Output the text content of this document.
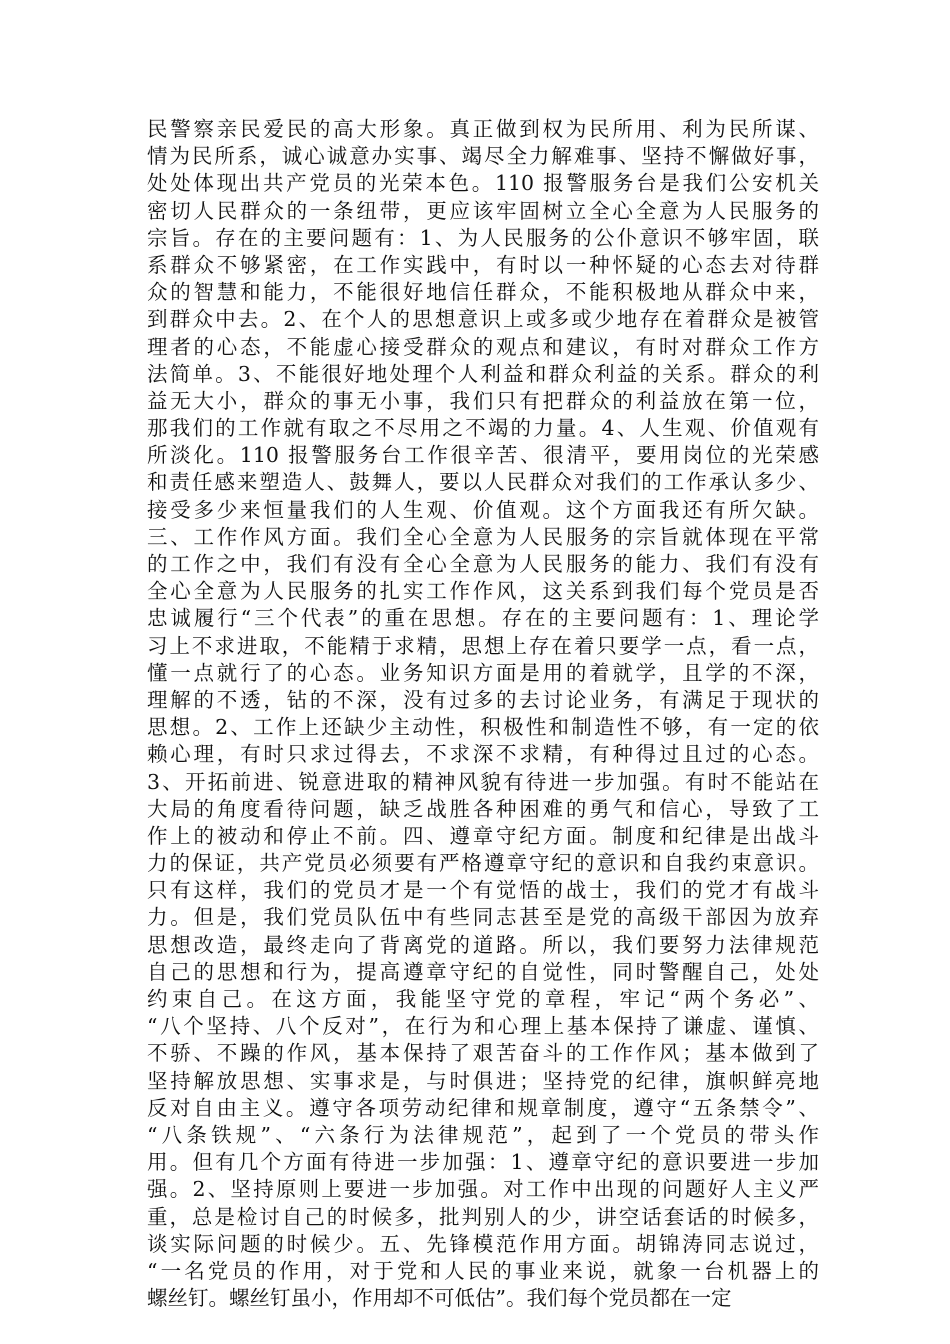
民警察亲民爱民的高大形象。真正做到权为民所用、利为民所谋、
情为民所系，诚心诚意办实事、竭尽全力解难事、坚持不懈做好事，
处处体现出共产党员的光荣本色。110 报警服务台是我们公安机关
密切人民群众的一条纽带，更应该牢固树立全心全意为人民服务的
宗旨。存在的主要问题有：1、为人民服务的公仆意识不够牢固，联
系群众不够紧密，在工作实践中，有时以一种怀疑的心态去对待群
众的智慧和能力，不能很好地信任群众，不能积极地从群众中来，
到群众中去。2、在个人的思想意识上或多或少地存在着群众是被管
理者的心态，不能虚心接受群众的观点和建议，有时对群众工作方
法简单。3、不能很好地处理个人利益和群众利益的关系。群众的利
益无大小，群众的事无小事，我们只有把群众的利益放在第一位，
那我们的工作就有取之不尽用之不竭的力量。4、人生观、价值观有
所淡化。110 报警服务台工作很辛苦、很清平，要用岗位的光荣感
和责任感来塑造人、鼓舞人，要以人民群众对我们的工作承认多少、
接受多少来恒量我们的人生观、价值观。这个方面我还有所欠缺。
三、工作作风方面。我们全心全意为人民服务的宗旨就体现在平常
的工作之中，我们有没有全心全意为人民服务的能力、我们有没有
全心全意为人民服务的扎实工作作风，这关系到我们每个党员是否
忠诚履行“三个代表”的重在思想。存在的主要问题有：1、理论学
习上不求进取，不能精于求精，思想上存在着只要学一点，看一点，
懂一点就行了的心态。业务知识方面是用的着就学，且学的不深，
理解的不透，钻的不深，没有过多的去讨论业务，有满足于现状的
思想。2、工作上还缺少主动性，积极性和制造性不够，有一定的依
赖心理，有时只求过得去，不求深不求精，有种得过且过的心态。
3、开拓前进、锐意进取的精神风貌有待进一步加强。有时不能站在
大局的角度看待问题，缺乏战胜各种困难的勇气和信心，导致了工
作上的被动和停止不前。四、遵章守纪方面。制度和纪律是出战斗
力的保证，共产党员必须要有严格遵章守纪的意识和自我约束意识。
只有这样，我们的党员才是一个有觉悟的战士，我们的党才有战斗
力。但是，我们党员队伍中有些同志甚至是党的高级干部因为放弃
思想改造，最终走向了背离党的道路。所以，我们要努力法律规范
自己的思想和行为，提高遵章守纪的自觉性，同时警醒自己，处处
约束自己。在这方面，我能坚守党的章程，牢记“两个务必”、
“八个坚持、八个反对”，在行为和心理上基本保持了谦虚、谨慎、
不骄、不躁的作风，基本保持了艰苦奋斗的工作作风；基本做到了
坚持解放思想、实事求是，与时俱进；坚持党的纪律，旗帜鲜亮地
反对自由主义。遵守各项劳动纪律和规章制度，遵守“五条禁令”、
“八条铁规”、“六条行为法律规范”，起到了一个党员的带头作
用。但有几个方面有待进一步加强：1、遵章守纪的意识要进一步加
强。2、坚持原则上要进一步加强。对工作中出现的问题好人主义严
重，总是检讨自己的时候多，批判别人的少，讲空话套话的时候多，
谈实际问题的时候少。五、先锋模范作用方面。胡锦涛同志说过，
“一名党员的作用，对于党和人民的事业来说，就象一台机器上的
螺丝钉。螺丝钉虽小，作用却不可低估”。我们每个党员都在一定
